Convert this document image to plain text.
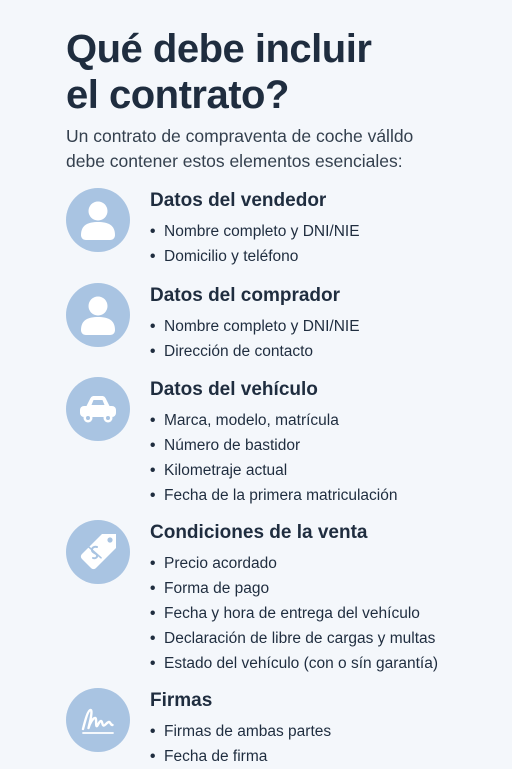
Qué debe incluir
el contrato?

Un contrato de compraventa de coche válldo
debe contener estos elementos esenciales:

Datos del vendedor
• Nombre completo y DNI/NIE
• Domicilio y teléfono
Datos del comprador
• Nombre completo y DNI/NIE
• Dirección de contacto
Datos del vehículo
• Marca, modelo, matrícula
• Número de bastidor
• Kilometraje actual
• Fecha de la primera matriculación
Condiciones de la venta
• Precio acordado
• Forma de pago
• Fecha y hora de entrega del vehículo
• Declaración de libre de cargas y multas
• Estado del vehículo (con o sín garantía)
Firmas
• Firmas de ambas partes
• Fecha de firma
